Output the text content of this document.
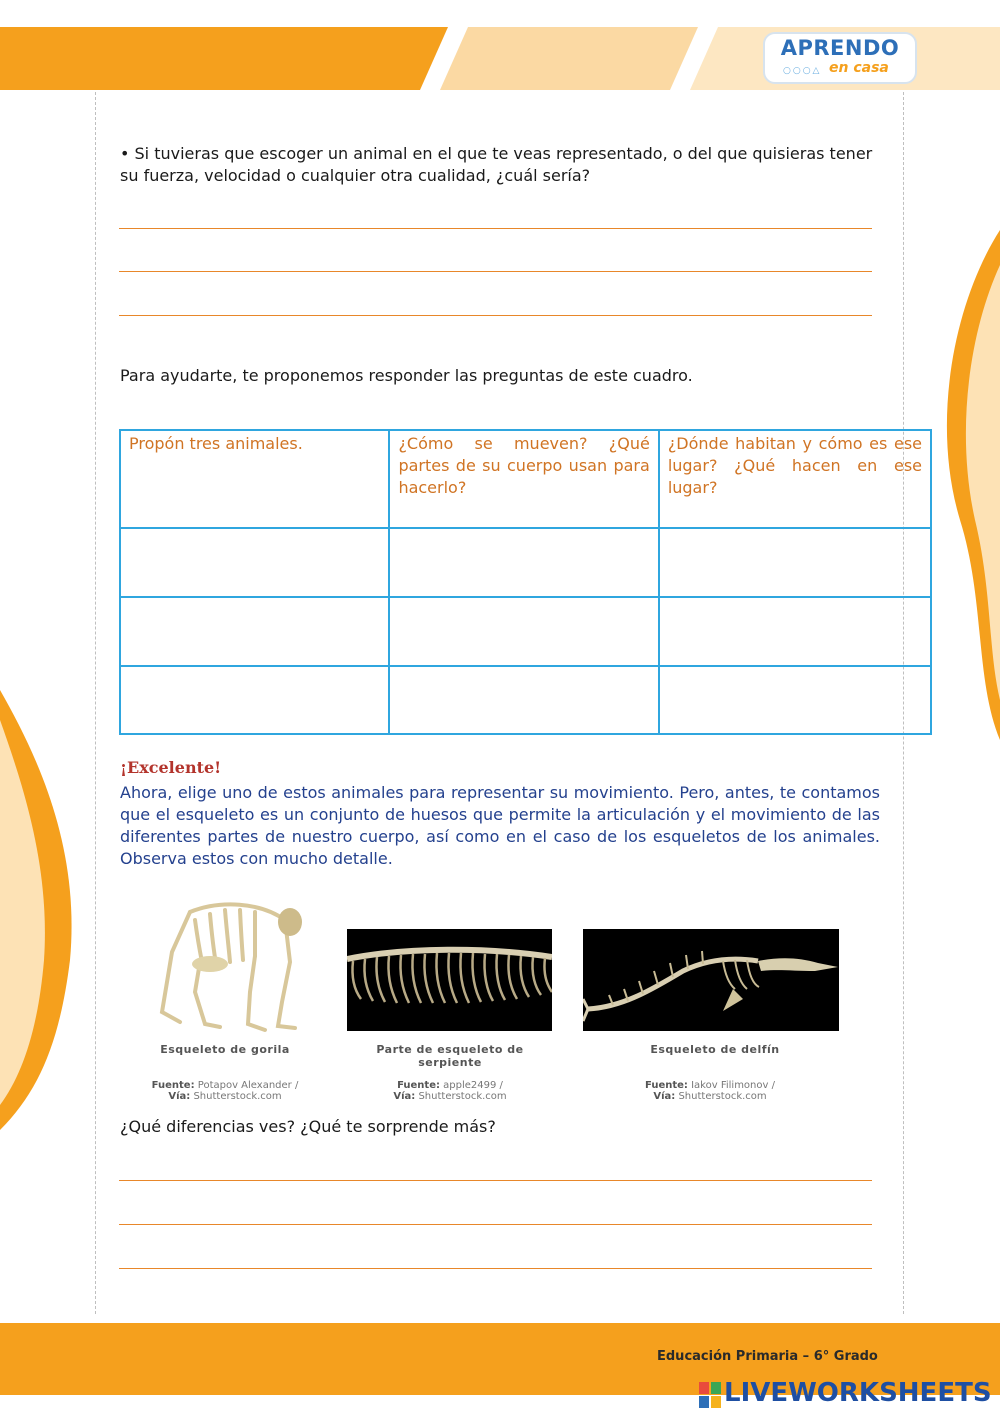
APRENDO
○○○△ en casa
• Si tuvieras que escoger un animal en el que te veas representado, o del que quisieras tener su fuerza, velocidad o cualquier otra cualidad, ¿cuál sería?
Para ayudarte, te proponemos responder las preguntas de este cuadro.
Propón tres animales.	¿Cómo se mueven? ¿Qué partes de su cuerpo usan para hacerlo?	¿Dónde habitan y cómo es ese lugar? ¿Qué hacen en ese lugar?

¡Excelente!
Ahora, elige uno de estos animales para representar su movimiento. Pero, antes, te contamos que el esqueleto es un conjunto de huesos que permite la articulación y el movimiento de las diferentes partes de nuestro cuerpo, así como en el caso de los esqueletos de los animales. Observa estos con mucho detalle.
Esqueleto de gorila
Fuente: Potapov Alexander /
Vía: Shutterstock.com
Parte de esqueleto de serpiente
Fuente: apple2499 /
Vía: Shutterstock.com
Esqueleto de delfín
Fuente: Iakov Filimonov /
Vía: Shutterstock.com
¿Qué diferencias ves? ¿Qué te sorprende más?
Educación Primaria – 6° Grado
LIVEWORKSHEETS
